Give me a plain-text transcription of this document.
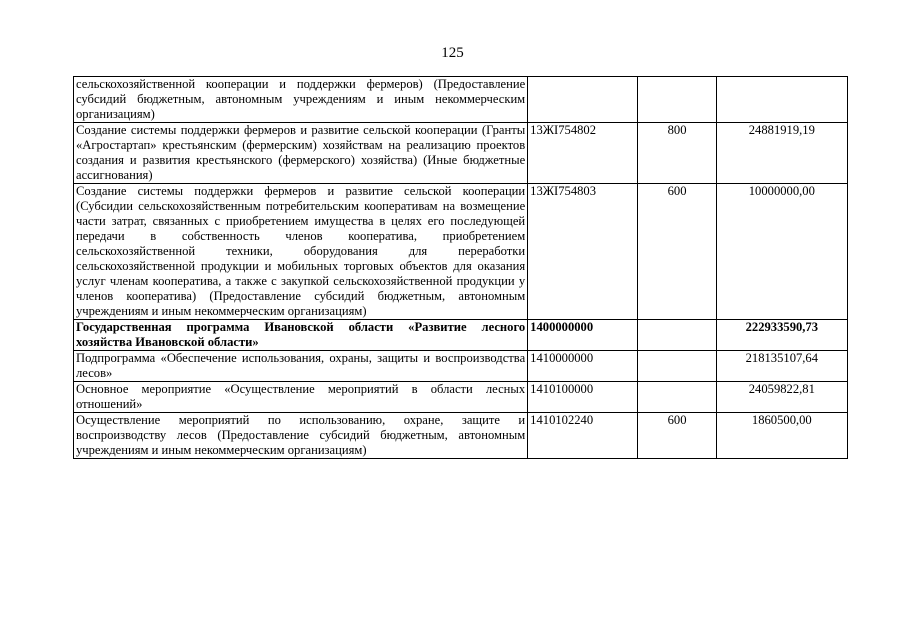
125
сельскохозяйственной кооперации и поддержки фермеров) (Предоставление субсидий бюджетным, автономным учреждениям и иным некоммерческим организациям)			
Создание системы поддержки фермеров и развитие сельской кооперации (Гранты «Агростартап» крестьянским (фермерским) хозяйствам на реализацию проектов создания и развития крестьянского (фермерского) хозяйства) (Иные бюджетные ассигнования)	13ЖI754802	800	24881919,19
Создание системы поддержки фермеров и развитие сельской кооперации (Субсидии сельскохозяйственным потребительским кооперативам на возмещение части затрат, связанных с приобретением имущества в целях его последующей передачи в собственность членов кооператива, приобретением сельскохозяйственной техники, оборудования для переработки сельскохозяйственной продукции и мобильных торговых объектов для оказания услуг членам кооператива, а также с закупкой сельскохозяйственной продукции у членов кооператива) (Предоставление субсидий бюджетным, автономным учреждениям и иным некоммерческим организациям)	13ЖI754803	600	10000000,00
Государственная программа Ивановской области «Развитие лесного хозяйства Ивановской области»	1400000000		222933590,73
Подпрограмма «Обеспечение использования, охраны, защиты и воспроизводства лесов»	1410000000		218135107,64
Основное мероприятие «Осуществление мероприятий в области лесных отношений»	1410100000		24059822,81
Осуществление мероприятий по использованию, охране, защите и воспроизводству лесов (Предоставление субсидий бюджетным, автономным учреждениям и иным некоммерческим организациям)	1410102240	600	1860500,00
